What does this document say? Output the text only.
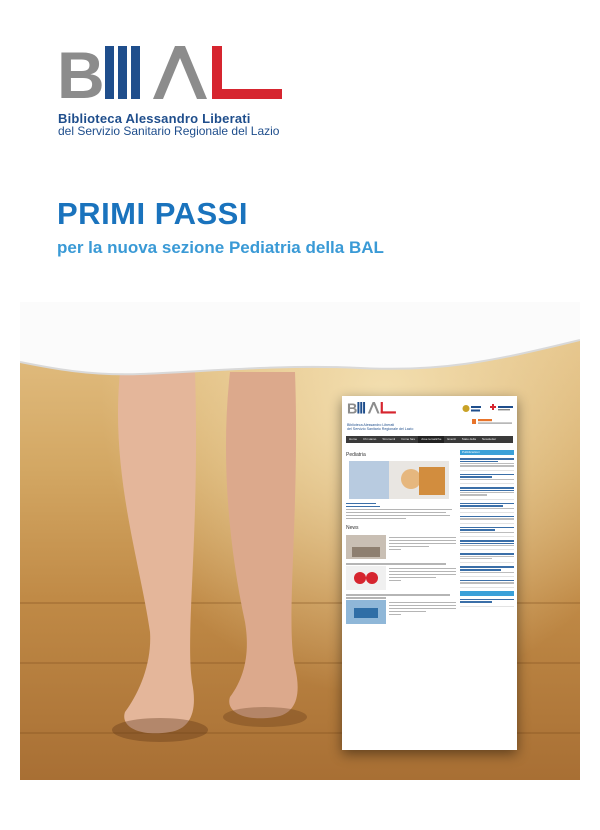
B
Biblioteca Alessandro Liberati
del Servizio Sanitario Regionale del Lazio
PRIMI PASSI
per la nuova sezione Pediatria della BAL
B
Biblioteca Alessandro Liberati
del Servizio Sanitario Regionale del Lazio
Home	Chi siamo	Strumenti	Come fare	Aree tematiche	Eventi	Stato della	Newsletter
Pediatria
News
Pubblicazioni
